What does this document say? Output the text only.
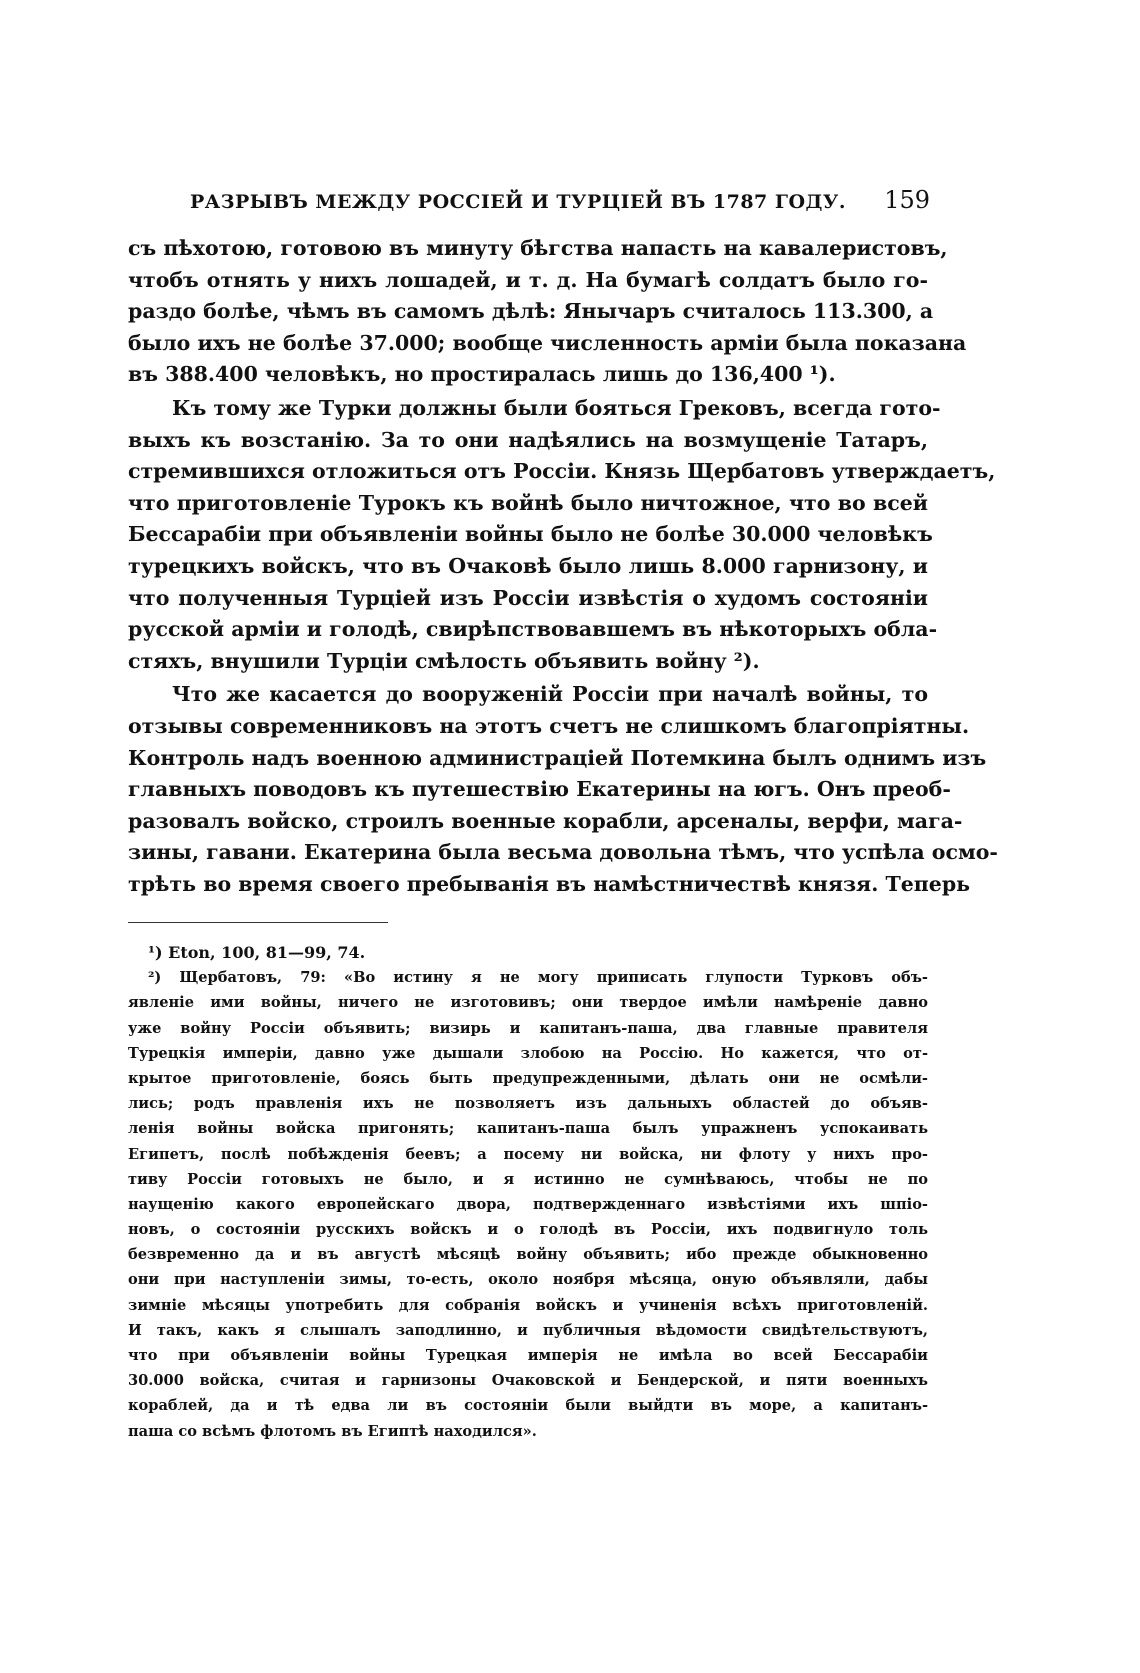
РАЗРЫВЪ МЕЖДУ РОССІЕЙ И ТУРЦІЕЙ ВЪ 1787 ГОДУ. 159
съ пѣхотою, готовою въ минуту бѣгства напасть на кавалеристовъ,
чтобъ отнять у нихъ лошадей, и т. д. На бумагѣ солдатъ было го-
раздо болѣе, чѣмъ въ самомъ дѣлѣ: Янычаръ считалось 113.300, а
было ихъ не болѣе 37.000; вообще численность арміи была показана
въ 388.400 человѣкъ, но простиралась лишь до 136,400 ¹).
Къ тому же Турки должны были бояться Грековъ, всегда гото-
выхъ къ возстанію. За то они надѣялись на возмущеніе Татаръ,
стремившихся отложиться отъ Россіи. Князь Щербатовъ утверждаетъ,
что приготовленіе Турокъ къ войнѣ было ничтожное, что во всей
Бессарабіи при объявленіи войны было не болѣе 30.000 человѣкъ
турецкихъ войскъ, что въ Очаковѣ было лишь 8.000 гарнизону, и
что полученныя Турціей изъ Россіи извѣстія о худомъ состояніи
русской арміи и голодѣ, свирѣпствовавшемъ въ нѣкоторыхъ обла-
стяхъ, внушили Турціи смѣлость объявить войну ²).
Что же касается до вооруженій Россіи при началѣ войны, то
отзывы современниковъ на этотъ счетъ не слишкомъ благопріятны.
Контроль надъ военною администраціей Потемкина былъ однимъ изъ
главныхъ поводовъ къ путешествію Екатерины на югъ. Онъ преоб-
разовалъ войско, строилъ военные корабли, арсеналы, верфи, мага-
зины, гавани. Екатерина была весьма довольна тѣмъ, что успѣла осмо-
трѣть во время своего пребыванія въ намѣстничествѣ князя. Теперь
¹) Eton, 100, 81—99, 74.
²) Щербатовъ, 79: «Во истину я не могу приписать глупости Турковъ объ-
явленіе ими войны, ничего не изготовивъ; они твердое имѣли намѣреніе давно
уже войну Россіи объявить; визирь и капитанъ-паша, два главные правителя
Турецкія имперіи, давно уже дышали злобою на Россію. Но кажется, что от-
крытое приготовленіе, боясь быть предупрежденными, дѣлать они не осмѣли-
лись; родъ правленія ихъ не позволяетъ изъ дальныхъ областей до объяв-
ленія войны войска пригонять; капитанъ-паша былъ упражненъ успокаивать
Египетъ, послѣ побѣжденія беевъ; а посему ни войска, ни флоту у нихъ про-
тиву Россіи готовыхъ не было, и я истинно не сумнѣваюсь, чтобы не по
наущенію какого европейскаго двора, подтвержденнаго извѣстіями ихъ шпіо-
новъ, о состояніи русскихъ войскъ и о голодѣ въ Россіи, ихъ подвигнуло толь
безвременно да и въ августѣ мѣсяцѣ войну объявить; ибо прежде обыкновенно
они при наступленіи зимы, то-есть, около ноября мѣсяца, оную объявляли, дабы
зимніе мѣсяцы употребить для собранія войскъ и учиненія всѣхъ приготовленій.
И такъ, какъ я слышалъ заподлинно, и публичныя вѣдомости свидѣтельствуютъ,
что при объявленіи войны Турецкая имперія не имѣла во всей Бессарабіи
30.000 войска, считая и гарнизоны Очаковской и Бендерской, и пяти военныхъ
кораблей, да и тѣ едва ли въ состояніи были выйдти въ море, а капитанъ-
паша со всѣмъ флотомъ въ Египтѣ находился».
